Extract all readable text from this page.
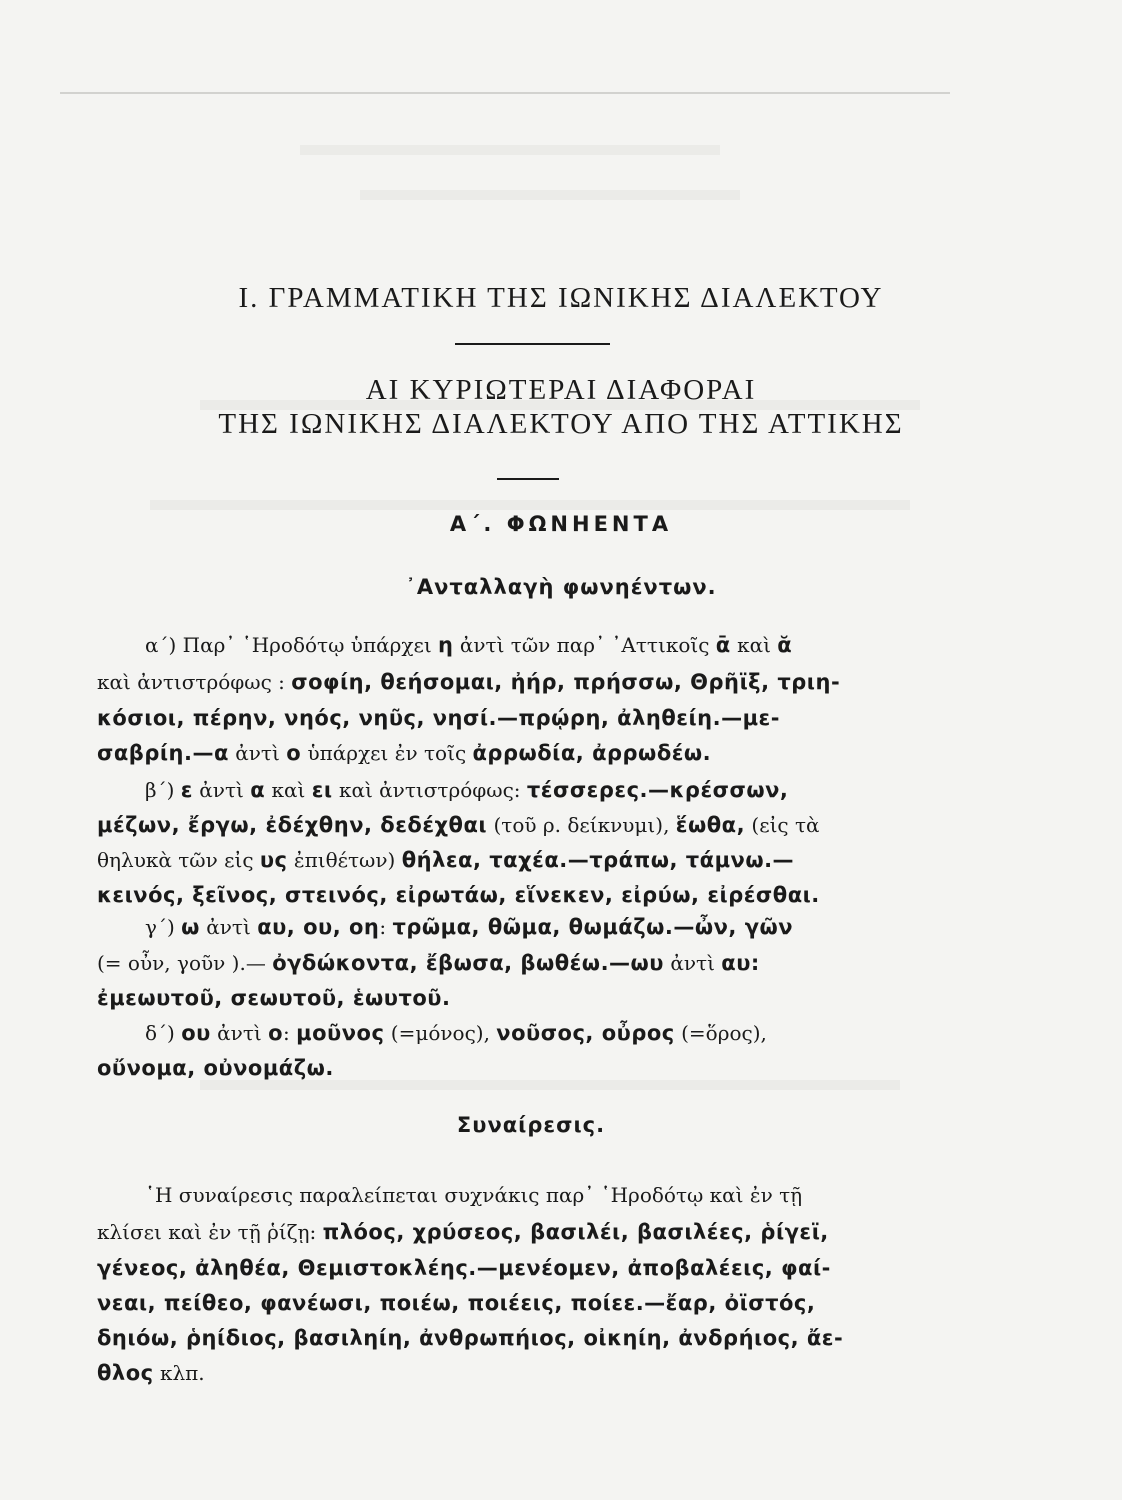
I. ΓΡΑΜΜΑΤΙΚΗ ΤΗΣ ΙΩΝΙΚΗΣ ΔΙΑΛΕΚΤΟΥ
ΑΙ ΚΥΡΙΩΤΕΡΑΙ ΔΙΑΦΟΡΑΙ
ΤΗΣ ΙΩΝΙΚΗΣ ΔΙΑΛΕΚΤΟΥ ΑΠΟ ΤΗΣ ΑΤΤΙΚΗΣ
Α΄. ΦΩΝΗΕΝΤΑ
᾽Ανταλλαγὴ φωνηέντων.
α΄) Παρ᾽ ῾Ηροδότῳ ὑπάρχει η ἀντὶ τῶν παρ᾽ ᾽Αττικοῖς ᾱ καὶ ᾰ
καὶ ἀντιστρόφως : σοφίη, θεήσομαι, ἠήρ, πρήσσω, Θρῆϊξ, τριη-
κόσιοι, πέρην, νηός, νηῦς, νησί.—πρῴρη, ἀληθείη.—με-
σαβρίη.—α ἀντὶ ο ὑπάρχει ἐν τοῖς ἀρρωδία, ἀρρωδέω.
β΄) ε ἀντὶ α καὶ ει καὶ ἀντιστρόφως: τέσσερες.—κρέσσων,
μέζων, ἔργω, ἐδέχθην, δεδέχθαι (τοῦ ρ. δείκνυμι), ἕωθα, (εἰς τὰ
θηλυκὰ τῶν εἰς υς ἐπιθέτων) θήλεα, ταχέα.—τράπω, τάμνω.—
κεινός, ξεῖνος, στεινός, εἰρωτάω, εἵνεκεν, εἰρύω, εἰρέσθαι.
γ΄) ω ἀντὶ αυ, ου, οη: τρῶμα, θῶμα, θωμάζω.—ὦν, γῶν
(= οὖν, γοῦν ).— ὀγδώκοντα, ἔβωσα, βωθέω.—ωυ ἀντὶ αυ:
ἐμεωυτοῦ, σεωυτοῦ, ἑωυτοῦ.
δ΄) ου ἀντὶ ο: μοῦνος (=μόνος), νοῦσος, οὖρος (=ὅρος),
οὔνομα, οὐνομάζω.
Συναίρεσις.
῾Η συναίρεσις παραλείπεται συχνάκις παρ᾽ ῾Ηροδότῳ καὶ ἐν τῇ
κλίσει καὶ ἐν τῇ ῥίζῃ: πλόος, χρύσεος, βασιλέι, βασιλέες, ῥίγεϊ,
γένεος, ἀληθέα, Θεμιστοκλέης.—μενέομεν, ἀποβαλέεις, φαί-
νεαι, πείθεο, φανέωσι, ποιέω, ποιέεις, ποίεε.—ἔαρ, ὀϊστός,
δηιόω, ῥηίδιος, βασιληίη, ἀνθρωπήιος, οἰκηίη, ἀνδρήιος, ἄε-
θλος κλπ.
